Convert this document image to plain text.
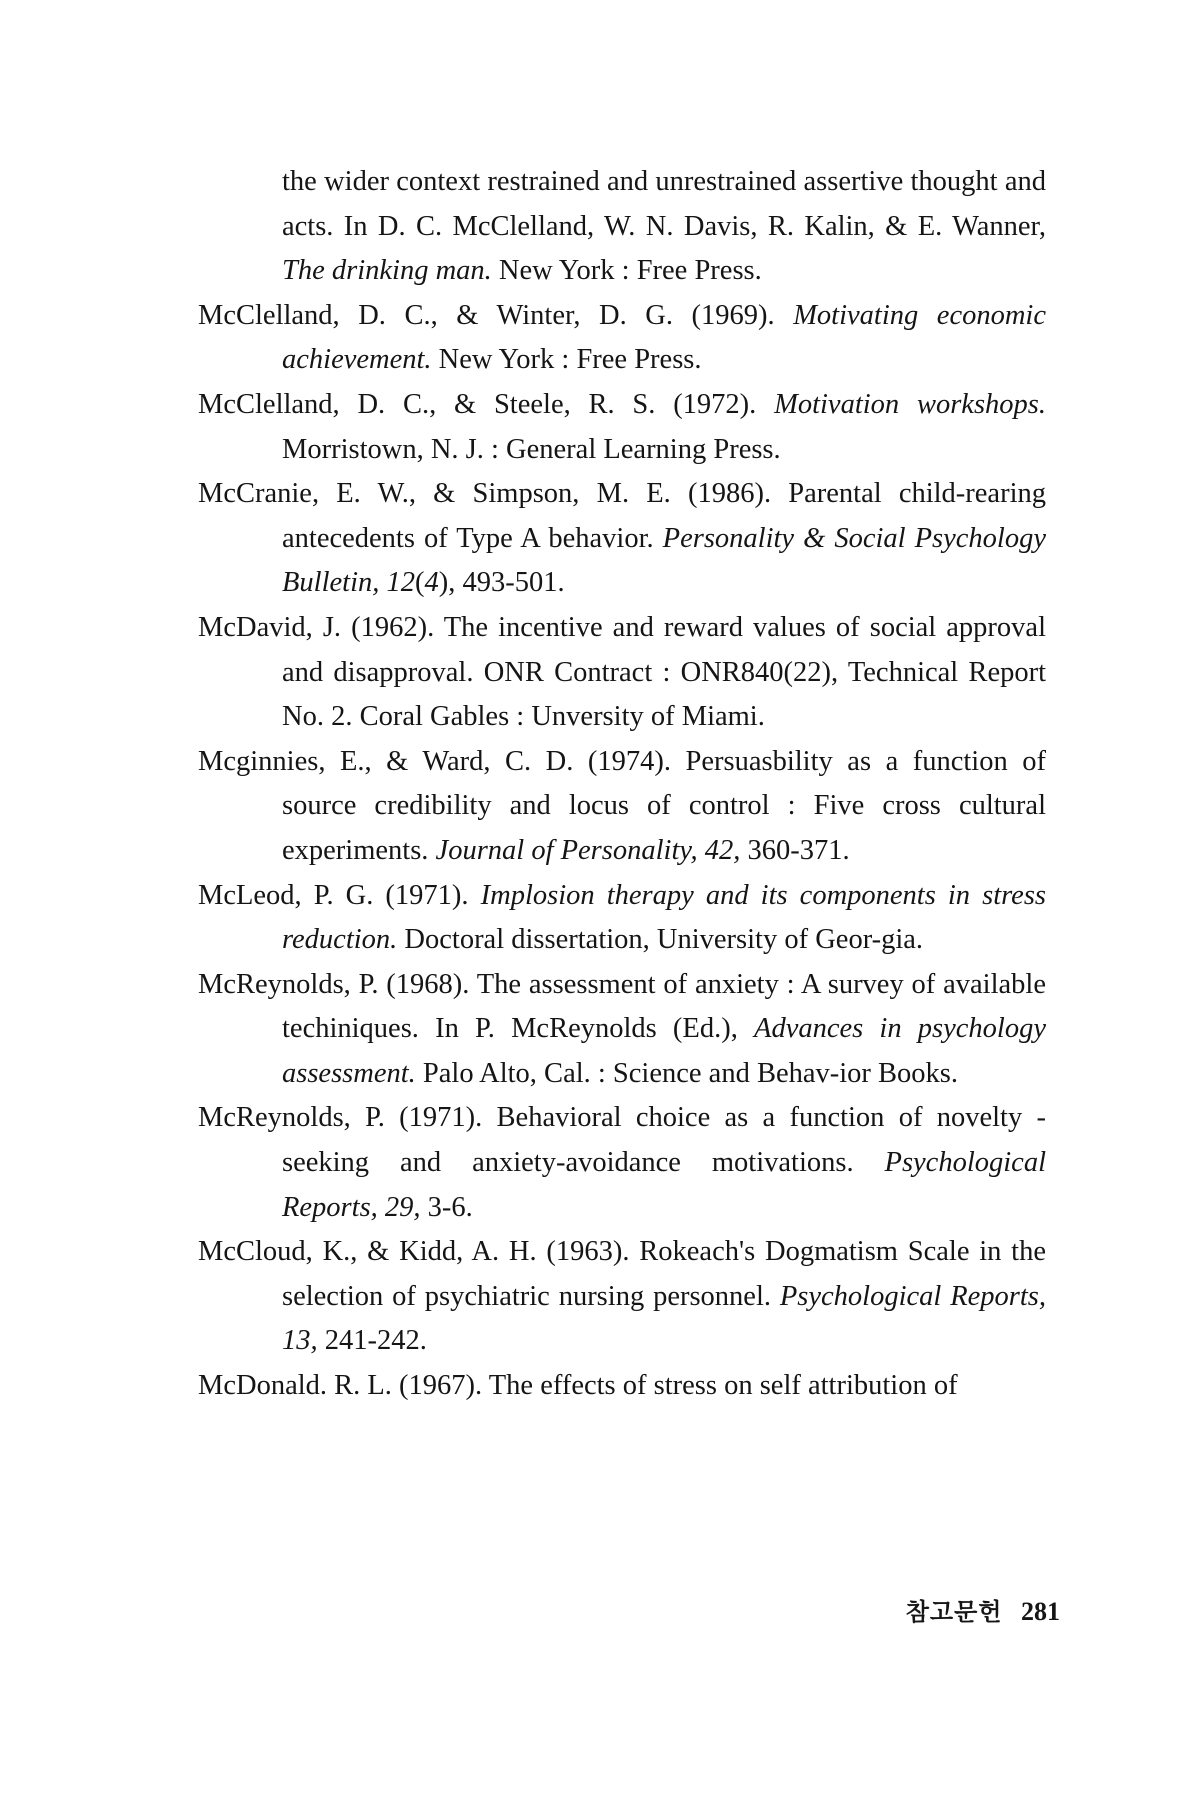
the wider context restrained and unrestrained assertive thought and acts. In D. C. McClelland, W. N. Davis, R. Kalin, & E. Wanner, The drinking man. New York : Free Press.

McClelland, D. C., & Winter, D. G. (1969). Motivating economic achievement. New York : Free Press.

McClelland, D. C., & Steele, R. S. (1972). Motivation workshops. Morristown, N. J. : General Learning Press.

McCranie, E. W., & Simpson, M. E. (1986). Parental child-rearing antecedents of Type A behavior. Personality & Social Psychology Bulletin, 12(4), 493-501.

McDavid, J. (1962). The incentive and reward values of social approval and disapproval. ONR Contract : ONR840(22), Technical Report No. 2. Coral Gables : Unversity of Miami.

Mcginnies, E., & Ward, C. D. (1974). Persuasbility as a function of source credibility and locus of control : Five cross cultural experiments. Journal of Personality, 42, 360-371.

McLeod, P. G. (1971). Implosion therapy and its components in stress reduction. Doctoral dissertation, University of Geor-gia.

McReynolds, P. (1968). The assessment of anxiety : A survey of available techiniques. In P. McReynolds (Ed.), Advances in psychology assessment. Palo Alto, Cal. : Science and Behav-ior Books.

McReynolds, P. (1971). Behavioral choice as a function of novelty -seeking and anxiety-avoidance motivations. Psychological Reports, 29, 3-6.

McCloud, K., & Kidd, A. H. (1963). Rokeach's Dogmatism Scale in the selection of psychiatric nursing personnel. Psychological Reports, 13, 241-242.

McDonald. R. L. (1967). The effects of stress on self attribution of

참고문헌 281
